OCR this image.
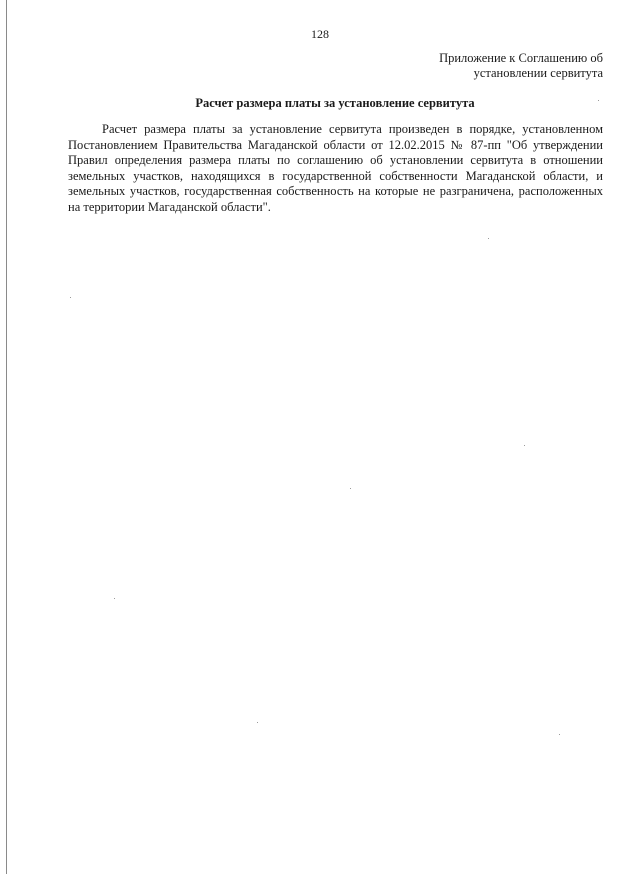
128
Приложение к Соглашению об
установлении сервитута
Расчет размера платы за установление сервитута

Расчет размера платы за установление сервитута произведен в порядке, установленном Постановлением Правительства Магаданской области от 12.02.2015 № 87-пп "Об утверждении Правил определения размера платы по соглашению об установлении сервитута в отношении земельных участков, находящихся в государственной собственности Магаданской области, и земельных участков, государственная собственность на которые не разграничена, расположенных на территории Магаданской области".
